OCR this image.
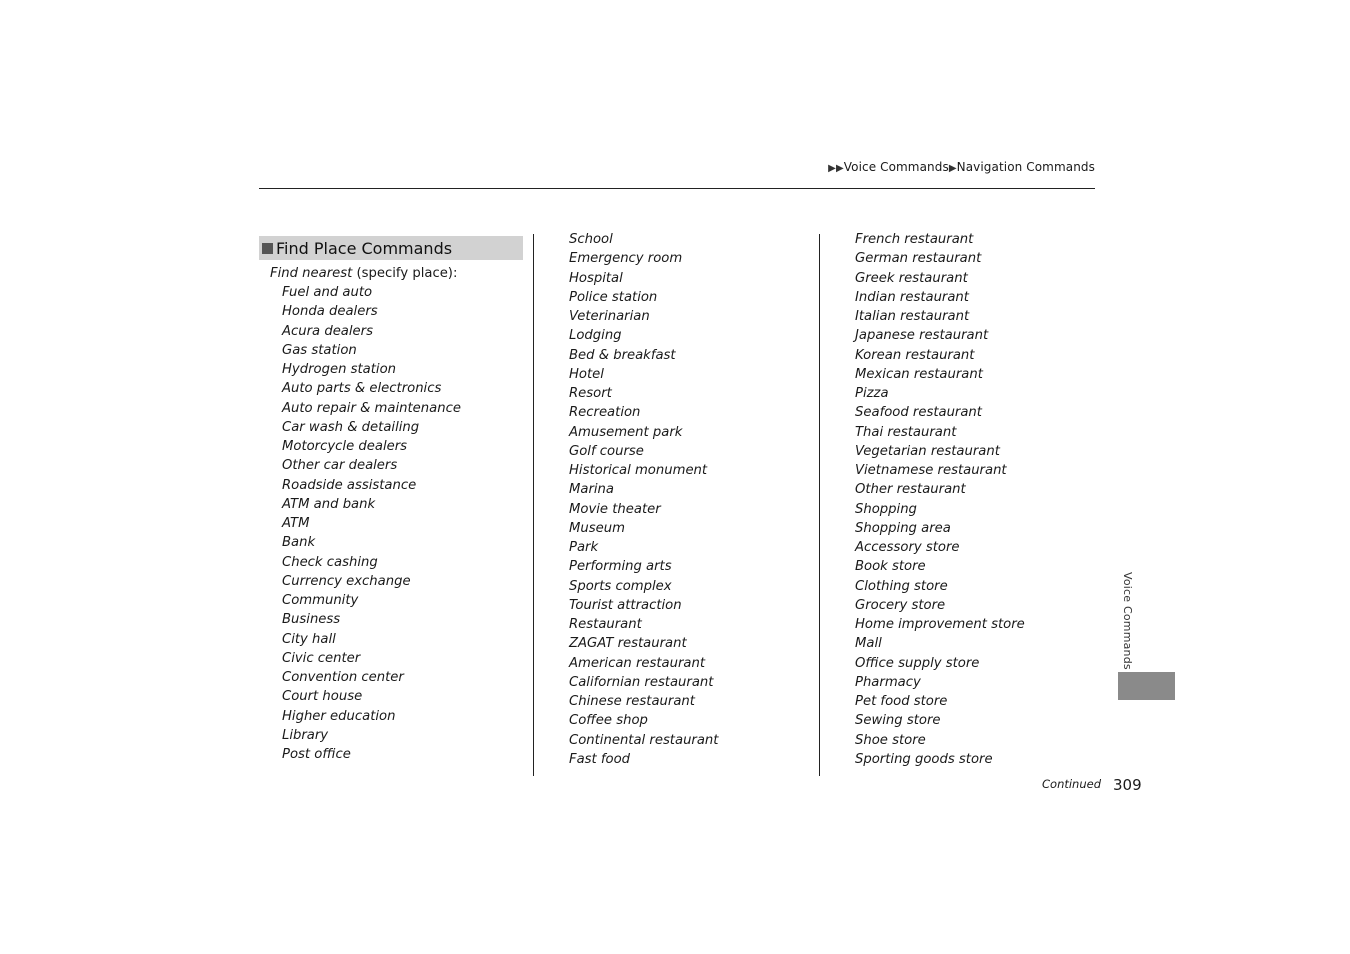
▶▶Voice Commands▶Navigation Commands
Find Place Commands
Find nearest (specify place):
Fuel and auto
Honda dealers
Acura dealers
Gas station
Hydrogen station
Auto parts & electronics
Auto repair & maintenance
Car wash & detailing
Motorcycle dealers
Other car dealers
Roadside assistance
ATM and bank
ATM
Bank
Check cashing
Currency exchange
Community
Business
City hall
Civic center
Convention center
Court house
Higher education
Library
Post office
School
Emergency room
Hospital
Police station
Veterinarian
Lodging
Bed & breakfast
Hotel
Resort
Recreation
Amusement park
Golf course
Historical monument
Marina
Movie theater
Museum
Park
Performing arts
Sports complex
Tourist attraction
Restaurant
ZAGAT restaurant
American restaurant
Californian restaurant
Chinese restaurant
Coffee shop
Continental restaurant
Fast food
French restaurant
German restaurant
Greek restaurant
Indian restaurant
Italian restaurant
Japanese restaurant
Korean restaurant
Mexican restaurant
Pizza
Seafood restaurant
Thai restaurant
Vegetarian restaurant
Vietnamese restaurant
Other restaurant
Shopping
Shopping area
Accessory store
Book store
Clothing store
Grocery store
Home improvement store
Mall
Office supply store
Pharmacy
Pet food store
Sewing store
Shoe store
Sporting goods store
Voice Commands
Continued 309
